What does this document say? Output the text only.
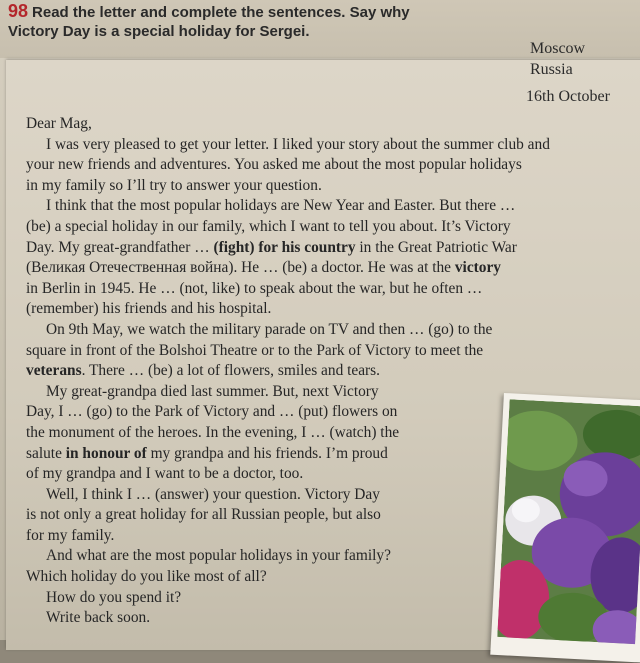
98 Read the letter and complete the sentences. Say why
Victory Day is a special holiday for Sergei.
Moscow
Russia
16th October

Dear Mag,

I was very pleased to get your letter. I liked your story about the summer club and
your new friends and adventures. You asked me about the most popular holidays
in my family so I’ll try to answer your question.
I think that the most popular holidays are New Year and Easter. But there …
(be) a special holiday in our family, which I want to tell you about. It’s Victory
Day. My great-grandfather … (fight) for his country in the Great Patriotic War
(Великая Отечественная война). He … (be) a doctor. He was at the victory
in Berlin in 1945. He … (not, like) to speak about the war, but he often …
(remember) his friends and his hospital.
On 9th May, we watch the military parade on TV and then … (go) to the
square in front of the Bolshoi Theatre or to the Park of Victory to meet the
veterans. There … (be) a lot of flowers, smiles and tears.
My great-grandpa died last summer. But, next Victory
Day, I … (go) to the Park of Victory and … (put) flowers on
the monument of the heroes. In the evening, I … (watch) the
salute in honour of my grandpa and his friends. I’m proud
of my grandpa and I want to be a doctor, too.
Well, I think I … (answer) your question. Victory Day
is not only a great holiday for all Russian people, but also
for my family.
And what are the most popular holidays in your family?
Which holiday do you like most of all?
How do you spend it?
Write back soon.
